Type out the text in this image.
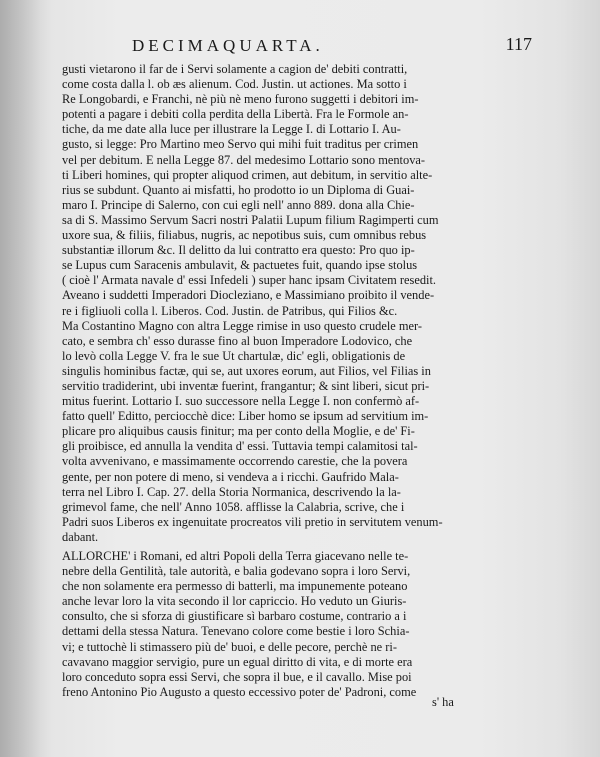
DECIMAQUARTA.	117
gusti vietarono il far de i Servi solamente a cagion de' debiti contratti,
come costa dalla l. ob æs alienum. Cod. Justin. ut actiones. Ma sotto i
Re Longobardi, e Franchi, nè più nè meno furono suggetti i debitori im-
potenti a pagare i debiti colla perdita della Libertà. Fra le Formole an-
tiche, da me date alla luce per illustrare la Legge I. di Lottario I. Au-
gusto, si legge: Pro Martino meo Servo qui mihi fuit traditus per crimen
vel per debitum. E nella Legge 87. del medesimo Lottario sono mentova-
ti Liberi homines, qui propter aliquod crimen, aut debitum, in servitio alte-
rius se subdunt. Quanto ai misfatti, ho prodotto io un Diploma di Guai-
maro I. Principe di Salerno, con cui egli nell' anno 889. dona alla Chie-
sa di S. Massimo Servum Sacri nostri Palatii Lupum filium Ragimperti cum
uxore sua, & filiis, filiabus, nugris, ac nepotibus suis, cum omnibus rebus
substantiæ illorum &c. Il delitto da lui contratto era questo: Pro quo ip-
se Lupus cum Saracenis ambulavit, & pactuetes fuit, quando ipse stolus
( cioè l' Armata navale d' essi Infedeli ) super hanc ipsam Civitatem resedit.
Aveano i suddetti Imperadori Diocleziano, e Massimiano proibito il vende-
re i figliuoli colla l. Liberos. Cod. Justin. de Patribus, qui Filios &c.
Ma Costantino Magno con altra Legge rimise in uso questo crudele mer-
cato, e sembra ch' esso durasse fino al buon Imperadore Lodovico, che
lo levò colla Legge V. fra le sue Ut chartulæ, dic' egli, obligationis de
singulis hominibus factæ, qui se, aut uxores eorum, aut Filios, vel Filias in
servitio tradiderint, ubi inventæ fuerint, frangantur; & sint liberi, sicut pri-
mitus fuerint. Lottario I. suo successore nella Legge I. non confermò af-
fatto quell' Editto, perciocchè dice: Liber homo se ipsum ad servitium im-
plicare pro aliquibus causis finitur; ma per conto della Moglie, e de' Fi-
gli proibisce, ed annulla la vendita d' essi. Tuttavia tempi calamitosi tal-
volta avvenivano, e massimamente occorrendo carestie, che la povera
gente, per non potere di meno, si vendeva a i ricchi. Gaufrido Mala-
terra nel Libro I. Cap. 27. della Storia Normanica, descrivendo la la-
grimevol fame, che nell' Anno 1058. afflisse la Calabria, scrive, che i
Padri suos Liberos ex ingenuitate procreatos vili pretio in servitutem venum-
dabant.
ALLORCHE' i Romani, ed altri Popoli della Terra giacevano nelle te-
nebre della Gentilità, tale autorità, e balia godevano sopra i loro Servi,
che non solamente era permesso di batterli, ma impunemente poteano
anche levar loro la vita secondo il lor capriccio. Ho veduto un Giuris-
consulto, che si sforza di giustificare sì barbaro costume, contrario a i
dettami della stessa Natura. Tenevano colore come bestie i loro Schia-
vi; e tuttochè li stimassero più de' buoi, e delle pecore, perchè ne ri-
cavavano maggior servigio, pure un egual diritto di vita, e di morte era
loro conceduto sopra essi Servi, che sopra il bue, e il cavallo. Mise poi
freno Antonino Pio Augusto a questo eccessivo poter de' Padroni, come
s' ha
